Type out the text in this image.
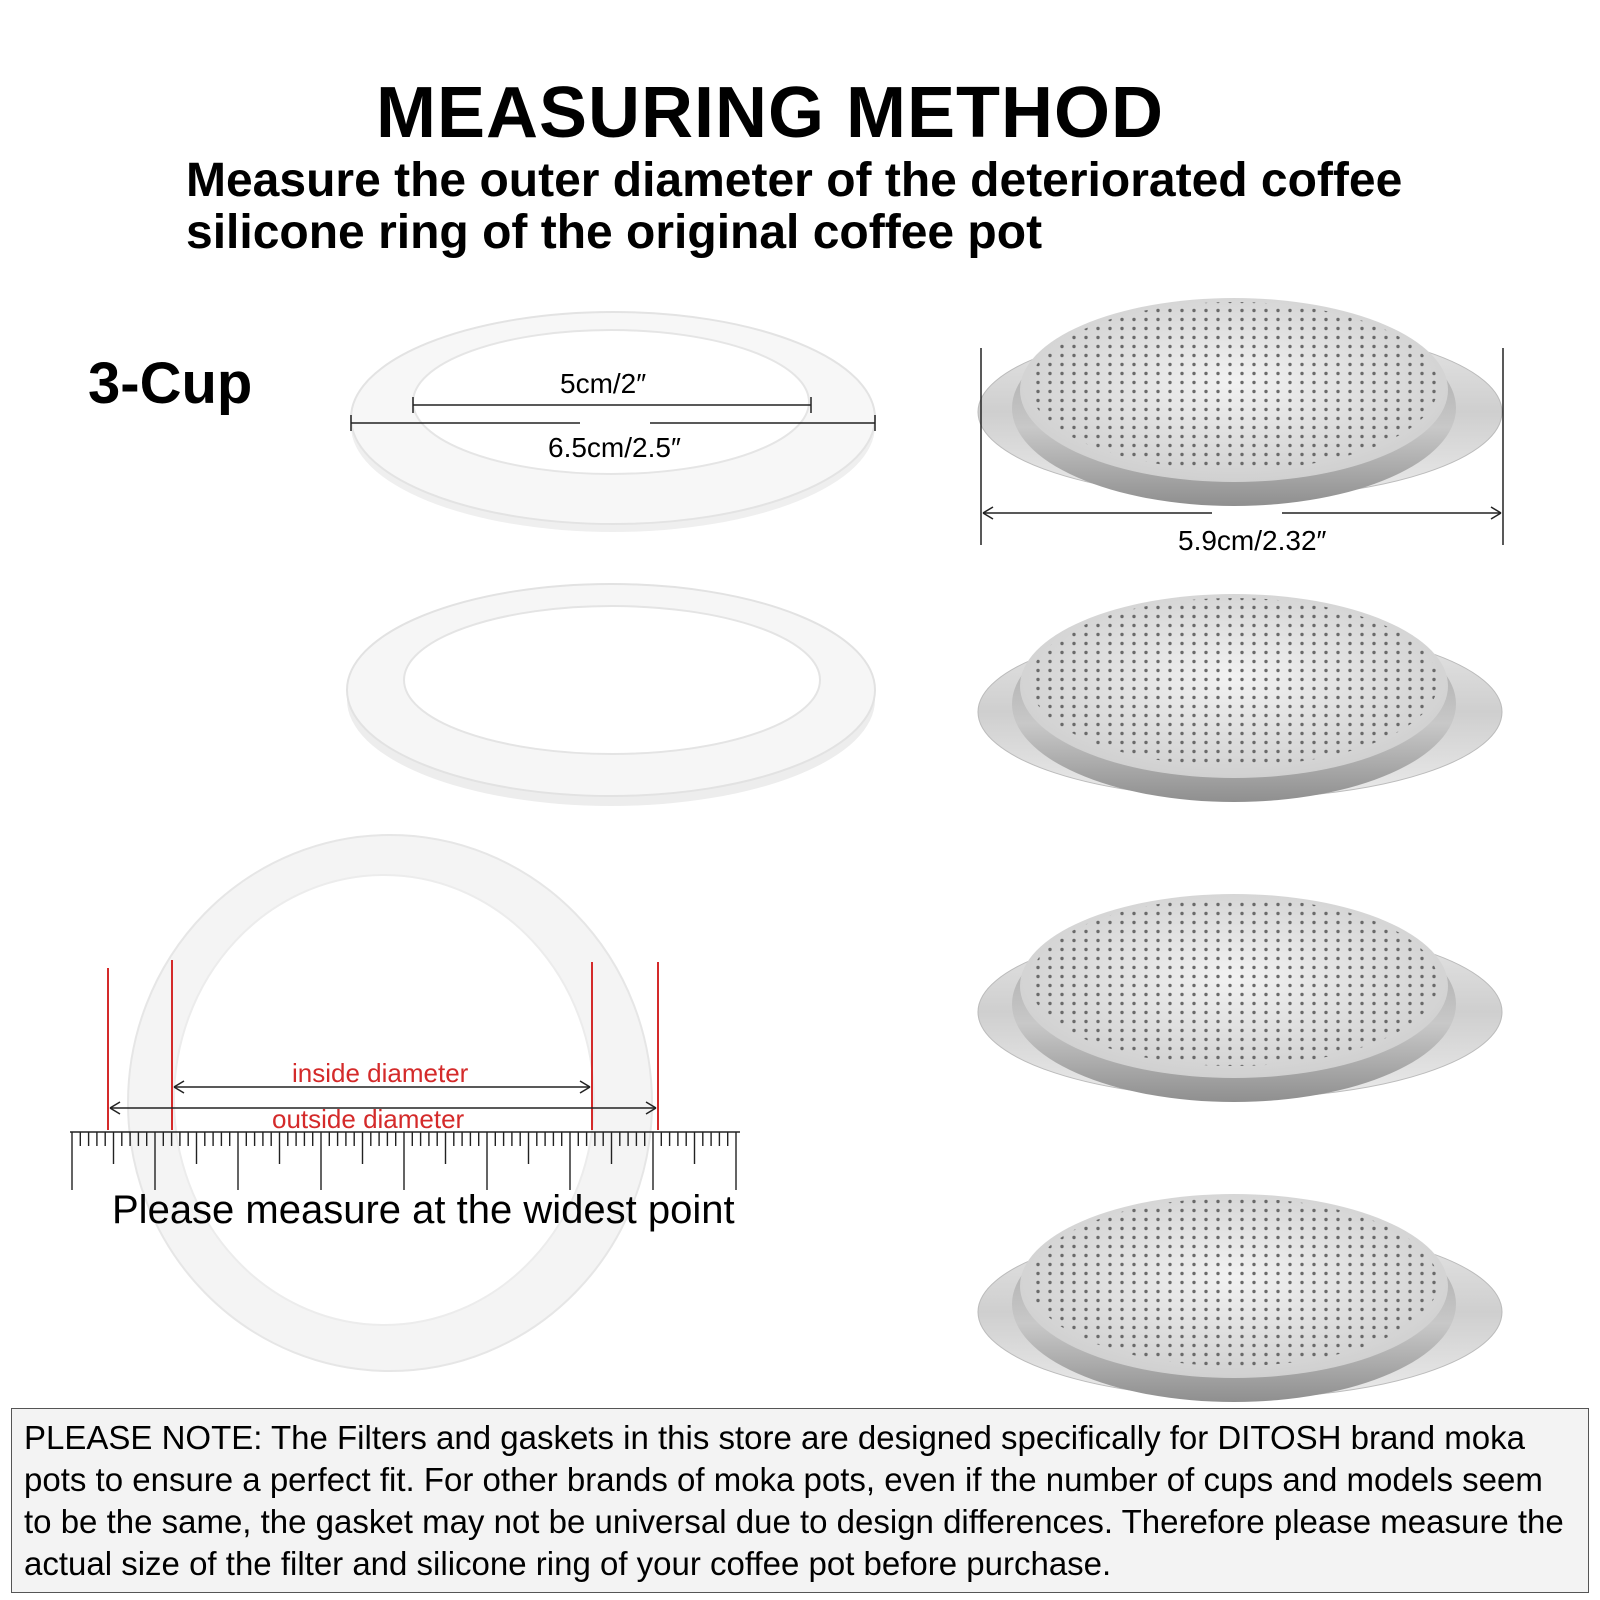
MEASURING METHOD
Measure the outer diameter of the deteriorated coffee silicone ring of the original coffee pot
3-Cup	5cm/2″
6.5cm/2.5″
5.9cm/2.32″
inside diameter
outside diameter
Please measure at the widest point
PLEASE NOTE: The Filters and gaskets in this store are designed specifically for DITOSH brand moka pots to ensure a perfect fit. For other brands of moka pots, even if the number of cups and models seem to be the same, the gasket may not be universal due to design differences. Therefore please measure the actual size of the filter and silicone ring of your coffee pot before purchase.
